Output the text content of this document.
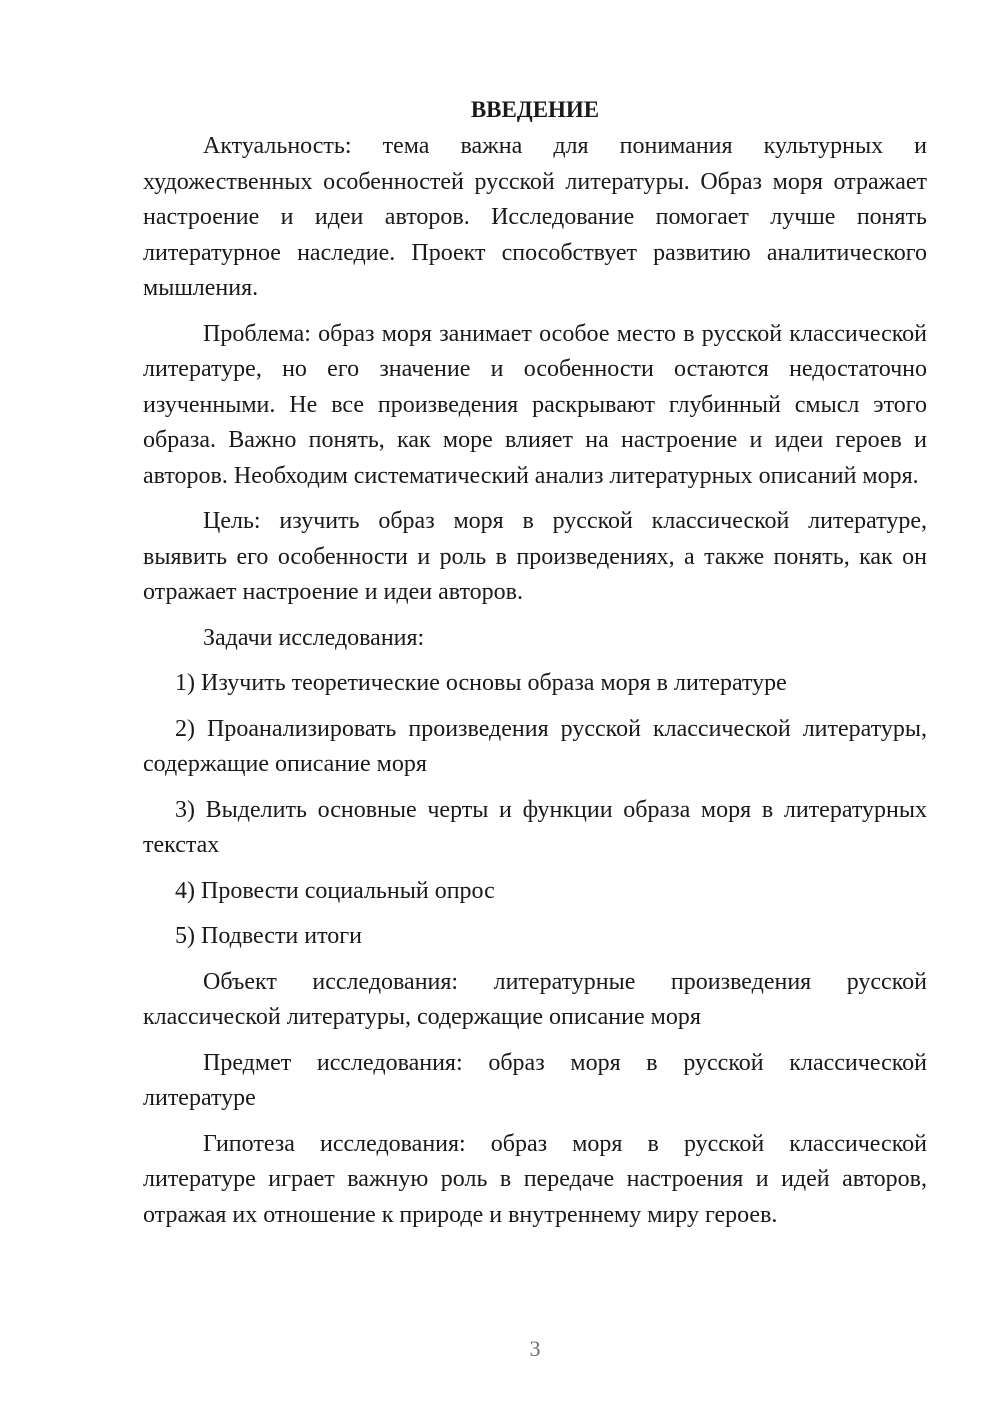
ВВЕДЕНИЕ

Актуальность: тема важна для понимания культурных и художественных особенностей русской литературы. Образ моря отражает настроение и идеи авторов. Исследование помогает лучше понять литературное наследие. Проект способствует развитию аналитического мышления.

Проблема: образ моря занимает особое место в русской классической литературе, но его значение и особенности остаются недостаточно изученными. Не все произведения раскрывают глубинный смысл этого образа. Важно понять, как море влияет на настроение и идеи героев и авторов. Необходим систематический анализ литературных описаний моря.

Цель: изучить образ моря в русской классической литературе, выявить его особенности и роль в произведениях, а также понять, как он отражает настроение и идеи авторов.

Задачи исследования:

1) Изучить теоретические основы образа моря в литературе

2) Проанализировать произведения русской классической литературы, содержащие описание моря

3) Выделить основные черты и функции образа моря в литературных текстах

4) Провести социальный опрос

5) Подвести итоги

Объект исследования: литературные произведения русской классической литературы, содержащие описание моря

Предмет исследования: образ моря в русской классической литературе

Гипотеза исследования: образ моря в русской классической литературе играет важную роль в передаче настроения и идей авторов, отражая их отношение к природе и внутреннему миру героев.

3
